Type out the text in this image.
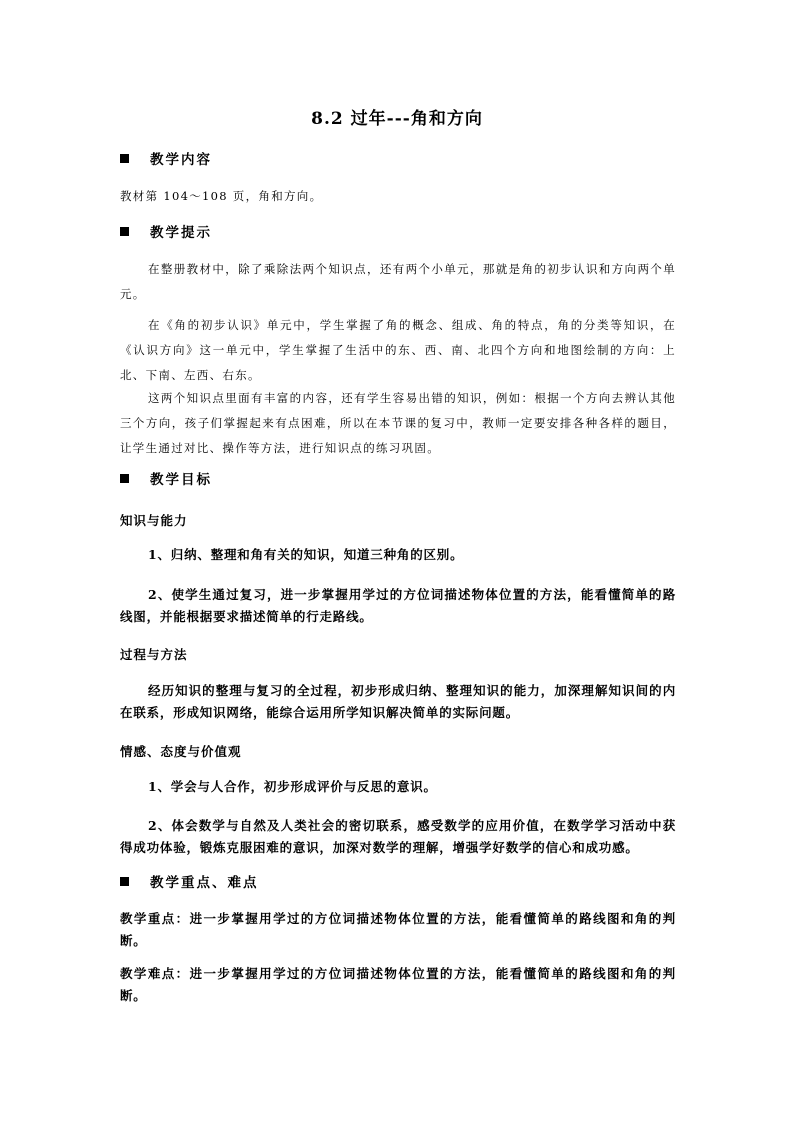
8.2 过年---角和方向
教学内容
教材第 104～108 页，角和方向。
教学提示
在整册教材中，除了乘除法两个知识点，还有两个小单元，那就是角的初步认识和方向两个单元。
在《角的初步认识》单元中，学生掌握了角的概念、组成、角的特点，角的分类等知识，在《认识方向》这一单元中，学生掌握了生活中的东、西、南、北四个方向和地图绘制的方向：上北、下南、左西、右东。
这两个知识点里面有丰富的内容，还有学生容易出错的知识，例如：根据一个方向去辨认其他三个方向，孩子们掌握起来有点困难，所以在本节课的复习中，教师一定要安排各种各样的题目，让学生通过对比、操作等方法，进行知识点的练习巩固。
教学目标
知识与能力
1、归纳、整理和角有关的知识，知道三种角的区别。
2、使学生通过复习，进一步掌握用学过的方位词描述物体位置的方法，能看懂简单的路线图，并能根据要求描述简单的行走路线。
过程与方法
经历知识的整理与复习的全过程，初步形成归纳、整理知识的能力，加深理解知识间的内在联系，形成知识网络，能综合运用所学知识解决简单的实际问题。
情感、态度与价值观
1、学会与人合作，初步形成评价与反思的意识。
2、体会数学与自然及人类社会的密切联系，感受数学的应用价值，在数学学习活动中获得成功体验，锻炼克服困难的意识，加深对数学的理解，增强学好数学的信心和成功感。
教学重点、难点
教学重点：进一步掌握用学过的方位词描述物体位置的方法，能看懂简单的路线图和角的判断。
教学难点：进一步掌握用学过的方位词描述物体位置的方法，能看懂简单的路线图和角的判断。
